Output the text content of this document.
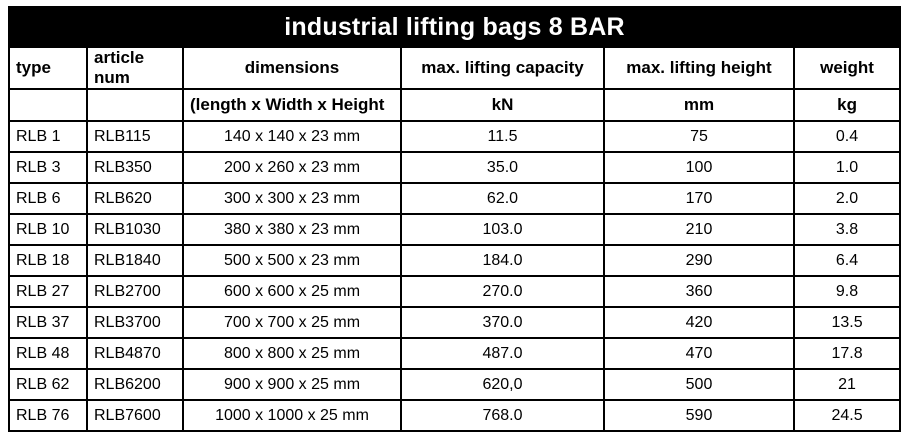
industrial lifting bags 8 BAR					
type	article num	dimensions	max. lifting capacity	max. lifting height	weight
		(length x Width x Height	kN	mm	kg
RLB 1	RLB115	140 x 140 x 23 mm	11.5	75	0.4
RLB 3	RLB350	200 x 260 x 23 mm	35.0	100	1.0
RLB 6	RLB620	300 x 300 x 23 mm	62.0	170	2.0
RLB 10	RLB1030	380 x 380 x 23 mm	103.0	210	3.8
RLB 18	RLB1840	500 x 500 x 23 mm	184.0	290	6.4
RLB 27	RLB2700	600 x 600 x 25 mm	270.0	360	9.8
RLB 37	RLB3700	700 x 700 x 25 mm	370.0	420	13.5
RLB 48	RLB4870	800 x 800 x 25 mm	487.0	470	17.8
RLB 62	RLB6200	900 x 900 x 25 mm	620,0	500	21
RLB 76	RLB7600	1000 x 1000 x 25 mm	768.0	590	24.5
